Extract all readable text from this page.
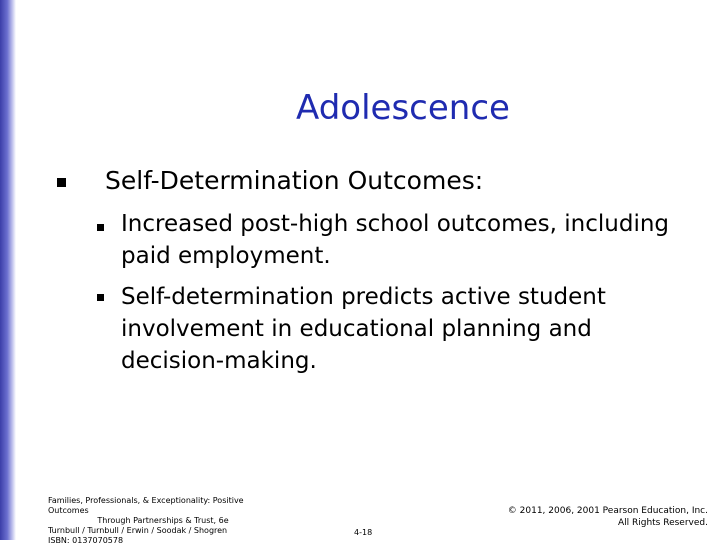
Adolescence
Self-Determination Outcomes:
Increased post-high school outcomes, including paid employment.
Self-determination predicts active student involvement in educational planning and decision-making.
Families, Professionals, & Exceptionality: Positive Outcomes
Through Partnerships & Trust, 6e
Turnbull / Turnbull / Erwin / Soodak / Shogren
ISBN: 0137070578
4-18
© 2011, 2006, 2001 Pearson Education, Inc.
All Rights Reserved.
